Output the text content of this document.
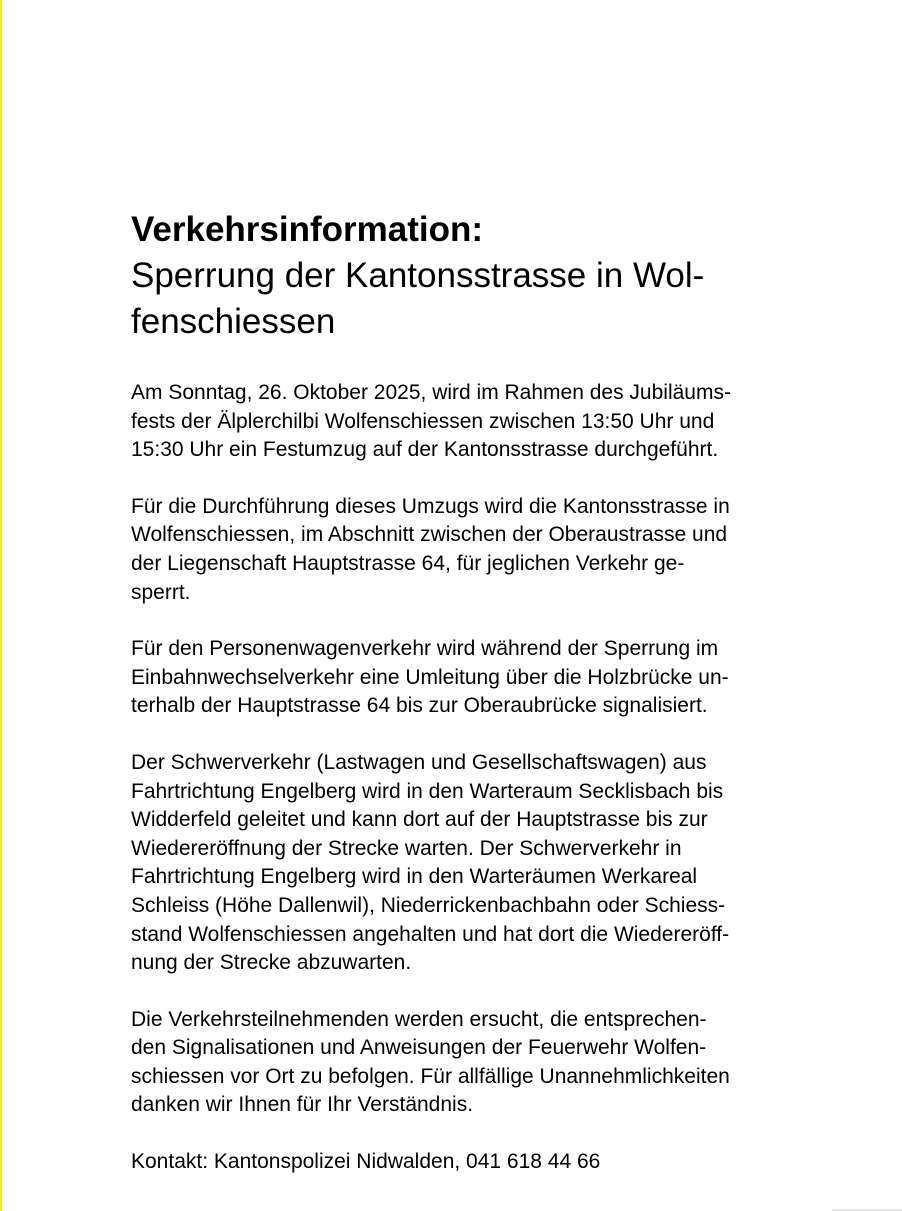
Verkehrsinformation:
Sperrung der Kantonsstrasse in Wol-
fenschiessen

Am Sonntag, 26. Oktober 2025, wird im Rahmen des Jubiläums-
fests der Älplerchilbi Wolfenschiessen zwischen 13:50 Uhr und
15:30 Uhr ein Festumzug auf der Kantonsstrasse durchgeführt.

Für die Durchführung dieses Umzugs wird die Kantonsstrasse in
Wolfenschiessen, im Abschnitt zwischen der Oberaustrasse und
der Liegenschaft Hauptstrasse 64, für jeglichen Verkehr ge-
sperrt.

Für den Personenwagenverkehr wird während der Sperrung im
Einbahnwechselverkehr eine Umleitung über die Holzbrücke un-
terhalb der Hauptstrasse 64 bis zur Oberaubrücke signalisiert.

Der Schwerverkehr (Lastwagen und Gesellschaftswagen) aus
Fahrtrichtung Engelberg wird in den Warteraum Secklisbach bis
Widderfeld geleitet und kann dort auf der Hauptstrasse bis zur
Wiedereröffnung der Strecke warten. Der Schwerverkehr in
Fahrtrichtung Engelberg wird in den Warteräumen Werkareal
Schleiss (Höhe Dallenwil), Niederrickenbachbahn oder Schiess-
stand Wolfenschiessen angehalten und hat dort die Wiedereröff-
nung der Strecke abzuwarten.

Die Verkehrsteilnehmenden werden ersucht, die entsprechen-
den Signalisationen und Anweisungen der Feuerwehr Wolfen-
schiessen vor Ort zu befolgen. Für allfällige Unannehmlichkeiten
danken wir Ihnen für Ihr Verständnis.

Kontakt: Kantonspolizei Nidwalden, 041 618 44 66
